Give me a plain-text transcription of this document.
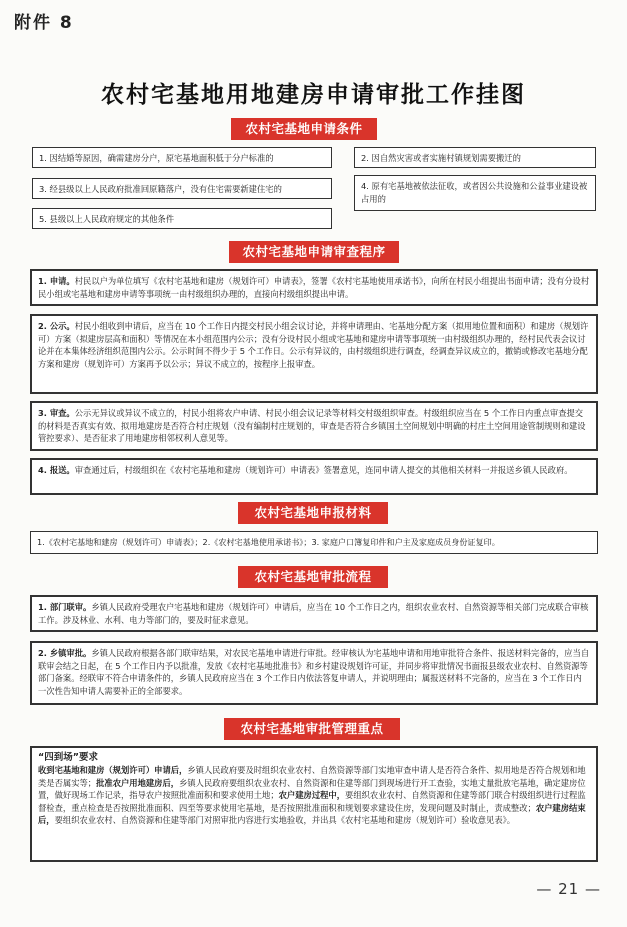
附件 8
农村宅基地用地建房申请审批工作挂图
农村宅基地申请条件
1. 因结婚等原因，确需建房分户，原宅基地面积低于分户标准的	2. 因自然灾害或者实施村镇规划需要搬迁的
3. 经县级以上人民政府批准回原籍落户，没有住宅需要新建住宅的	4. 原有宅基地被依法征收，或者因公共设施和公益事业建设被占用的
5. 县级以上人民政府规定的其他条件
农村宅基地申请审查程序
1. 申请。村民以户为单位填写《农村宅基地和建房（规划许可）申请表》，签署《农村宅基地使用承诺书》，向所在村民小组提出书面申请；没有分设村民小组或宅基地和建房申请等事项统一由村级组织办理的，直接向村级组织提出申请。
2. 公示。村民小组收到申请后，应当在 10 个工作日内提交村民小组会议讨论，并将申请理由、宅基地分配方案（拟用地位置和面积）和建房（规划许可）方案（拟建房层高和面积）等情况在本小组范围内公示；没有分设村民小组或宅基地和建房申请等事项统一由村级组织办理的，经村民代表会议讨论并在本集体经济组织范围内公示。公示时间不得少于 5 个工作日。公示有异议的，由村级组织进行调查，经调查异议成立的，撤销或修改宅基地分配方案和建房（规划许可）方案再予以公示；异议不成立的，按程序上报审查。
3. 审查。公示无异议或异议不成立的，村民小组将农户申请、村民小组会议记录等材料交村级组织审查。村级组织应当在 5 个工作日内重点审查提交的材料是否真实有效、拟用地建房是否符合村庄规划（没有编制村庄规划的，审查是否符合乡镇国土空间规划中明确的村庄土空间用途管制规则和建设管控要求）、是否征求了用地建房相邻权利人意见等。
4. 报送。审查通过后，村级组织在《农村宅基地和建房（规划许可）申请表》签署意见，连同申请人提交的其他相关材料一并报送乡镇人民政府。
农村宅基地申报材料
1.《农村宅基地和建房（规划许可）申请表》；2.《农村宅基地使用承诺书》；3. 家庭户口簿复印件和户主及家庭成员身份证复印。
农村宅基地审批流程
1. 部门联审。乡镇人民政府受理农户宅基地和建房（规划许可）申请后，应当在 10 个工作日之内，组织农业农村、自然资源等相关部门完成联合审核工作。涉及林业、水利、电力等部门的，要及时征求意见。
2. 乡镇审批。乡镇人民政府根据各部门联审结果，对农民宅基地申请进行审批。经审核认为宅基地申请和用地审批符合条件、报送材料完备的，应当自联审会结之日起，在 5 个工作日内予以批准，发放《农村宅基地批准书》和乡村建设规划许可证，并同步将审批情况书面报县级农业农村、自然资源等部门备案。经联审不符合申请条件的，乡镇人民政府应当在 3 个工作日内依法答复申请人，并说明理由；属报送材料不完备的，应当在 3 个工作日内一次性告知申请人需要补正的全部要求。
农村宅基地审批管理重点
“四到场”要求
收到宅基地和建房（规划许可）申请后，乡镇人民政府要及时组织农业农村、自然资源等部门实地审查申请人是否符合条件、拟用地是否符合规划和地类是否属实等；批准农户用地建房后，乡镇人民政府要组织农业农村、自然资源和住建等部门到现场进行开工查验，实地丈量批放宅基地，确定建房位置，做好现场工作记录，指导农户按照批准面积和要求使用土地；农户建房过程中，要组织农业农村、自然资源和住建等部门联合村级组织进行过程监督检查，重点检查是否按照批准面积、四至等要求使用宅基地，是否按照批准面积和规划要求建设住房，发现问题及时制止，责成整改；农户建房结束后，要组织农业农村、自然资源和住建等部门对照审批内容进行实地验收，并出具《农村宅基地和建房（规划许可）验收意见表》。
— 21 —
